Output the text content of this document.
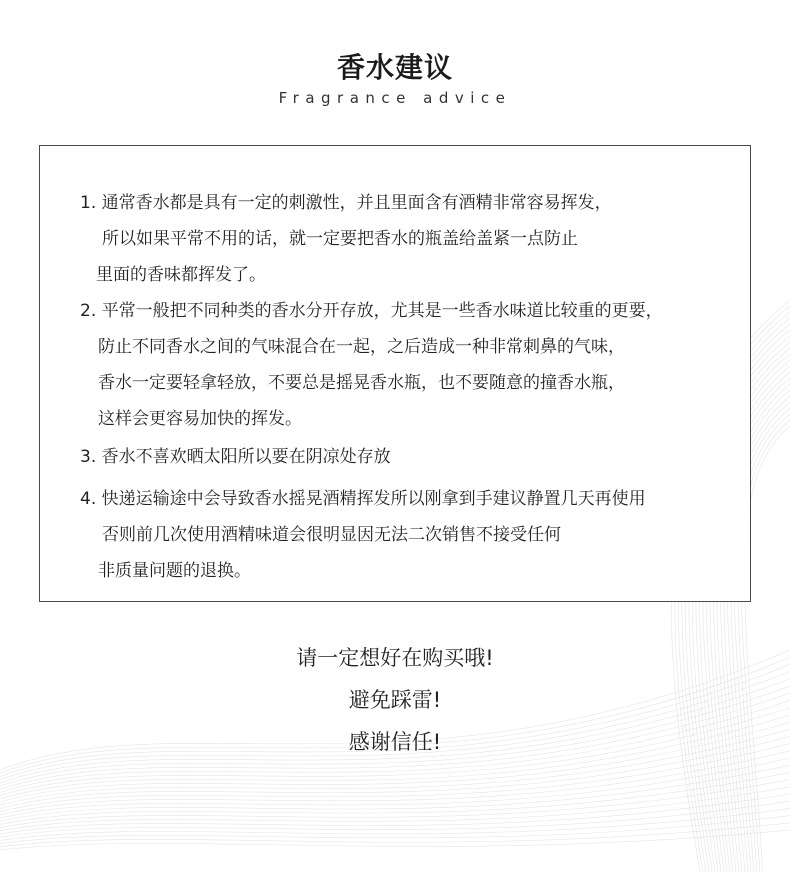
香水建议
Fragrance advice
1. 通常香水都是具有一定的刺激性，并且里面含有酒精非常容易挥发，
所以如果平常不用的话，就一定要把香水的瓶盖给盖紧一点防止
里面的香味都挥发了。
2. 平常一般把不同种类的香水分开存放，尤其是一些香水味道比较重的更要，
防止不同香水之间的气味混合在一起，之后造成一种非常刺鼻的气味，
香水一定要轻拿轻放，不要总是摇晃香水瓶，也不要随意的撞香水瓶，
这样会更容易加快的挥发。
3. 香水不喜欢晒太阳所以要在阴凉处存放
4. 快递运输途中会导致香水摇晃酒精挥发所以刚拿到手建议静置几天再使用
否则前几次使用酒精味道会很明显因无法二次销售不接受任何
非质量问题的退换。
请一定想好在购买哦!
避免踩雷!
感谢信任!
